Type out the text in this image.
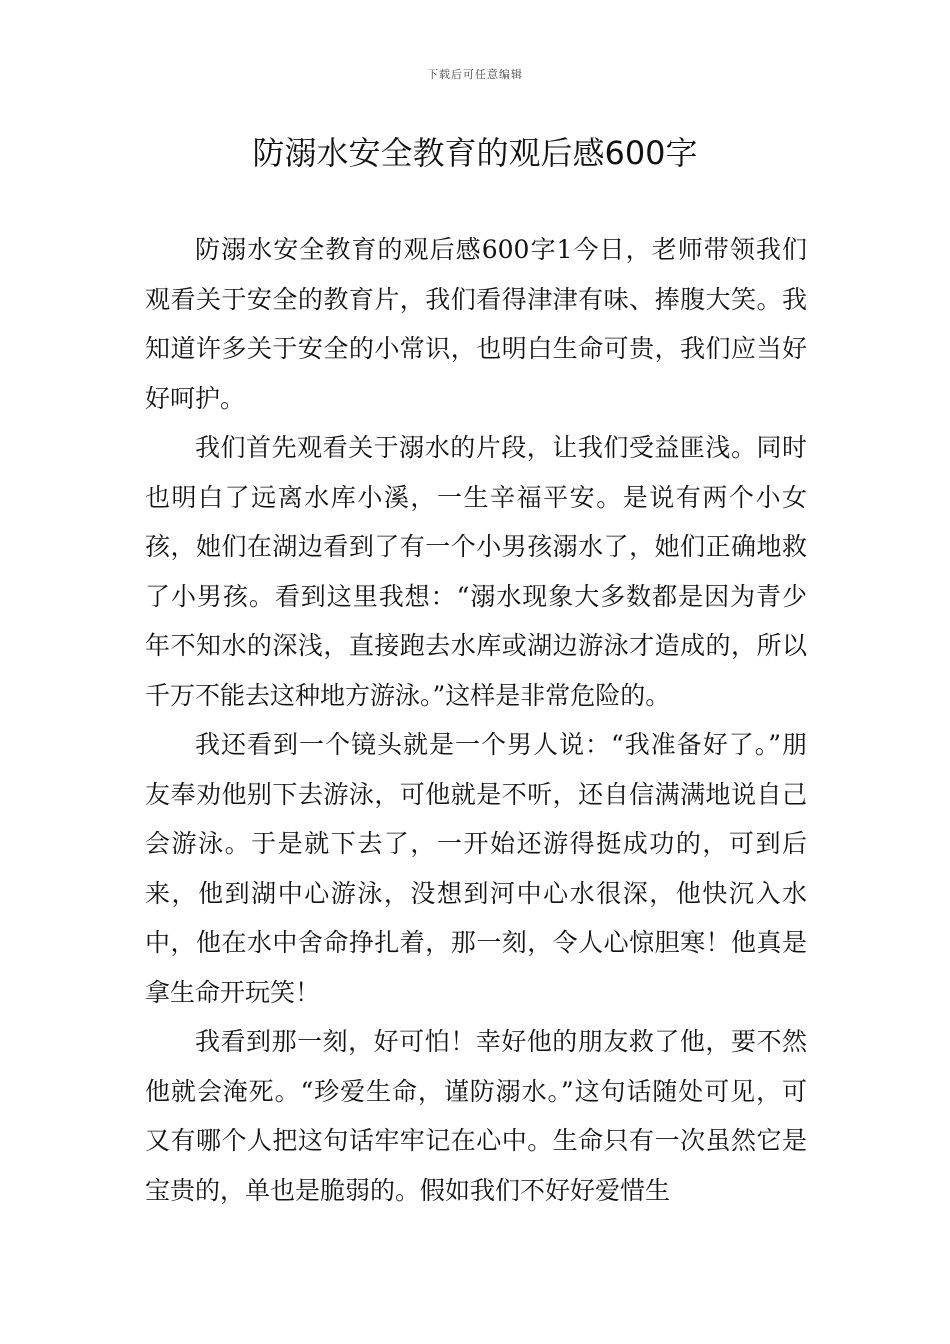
下载后可任意编辑
防溺水安全教育的观后感600字

防溺水安全教育的观后感600字1今日，老师带领我们观看关于安全的教育片，我们看得津津有味、捧腹大笑。我知道许多关于安全的小常识，也明白生命可贵，我们应当好好呵护。

我们首先观看关于溺水的片段，让我们受益匪浅。同时也明白了远离水库小溪，一生辛福平安。是说有两个小女孩，她们在湖边看到了有一个小男孩溺水了，她们正确地救了小男孩。看到这里我想：“溺水现象大多数都是因为青少年不知水的深浅，直接跑去水库或湖边游泳才造成的，所以千万不能去这种地方游泳。”这样是非常危险的。

我还看到一个镜头就是一个男人说：“我准备好了。”朋友奉劝他别下去游泳，可他就是不听，还自信满满地说自己会游泳。于是就下去了，一开始还游得挺成功的，可到后来，他到湖中心游泳，没想到河中心水很深，他快沉入水中，他在水中舍命挣扎着，那一刻，令人心惊胆寒！他真是拿生命开玩笑！

我看到那一刻，好可怕！幸好他的朋友救了他，要不然他就会淹死。“珍爱生命，谨防溺水。”这句话随处可见，可又有哪个人把这句话牢牢记在心中。生命只有一次虽然它是宝贵的，单也是脆弱的。假如我们不好好爱惜生
